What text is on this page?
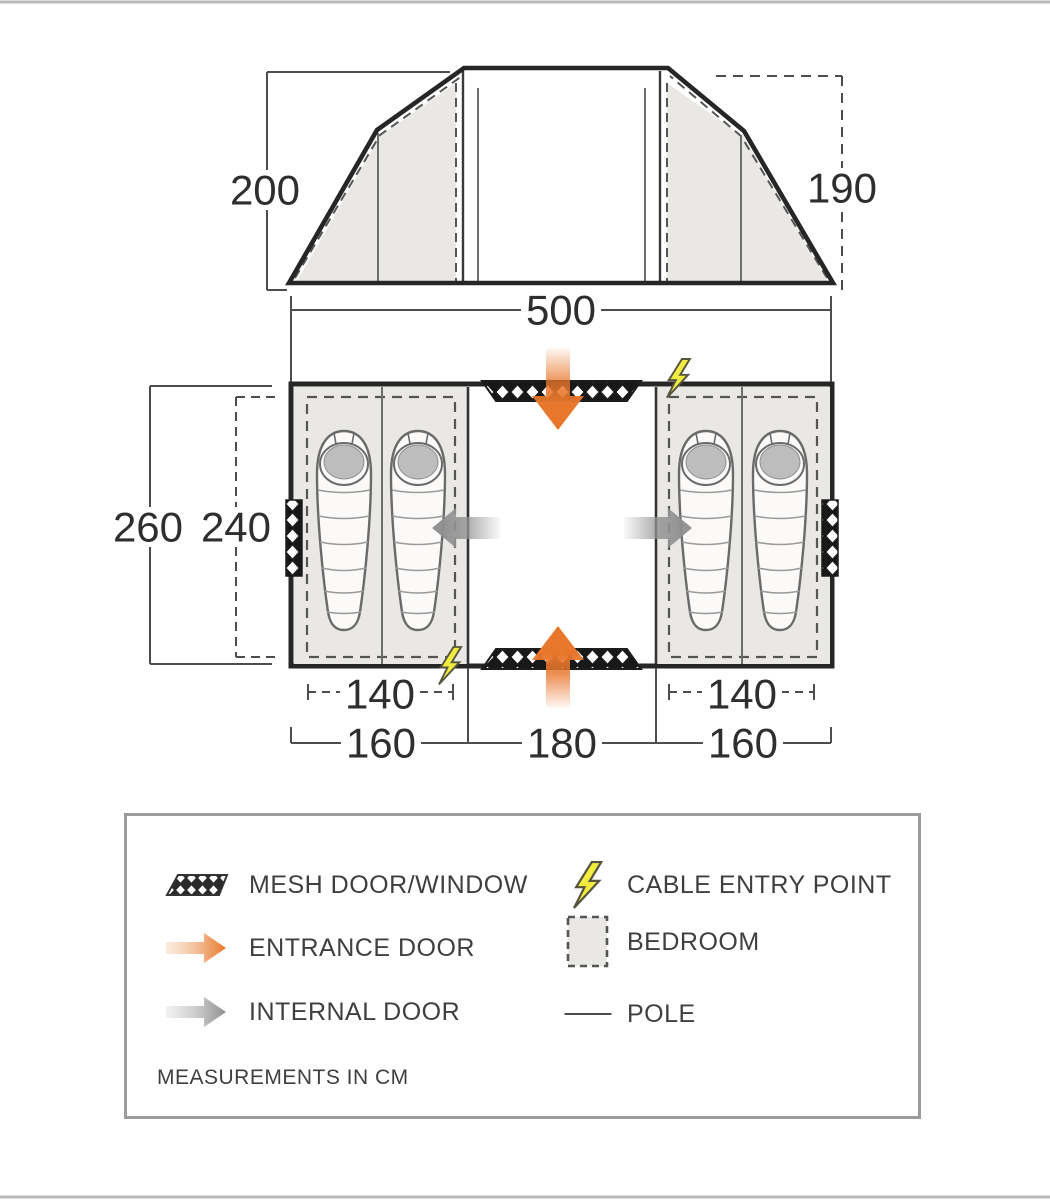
200	190
500
260 240
140	140
160	180	160
MESH DOOR/WINDOW	CABLE ENTRY POINT
ENTRANCE DOOR	BEDROOM
INTERNAL DOOR	POLE
MEASUREMENTS IN CM
